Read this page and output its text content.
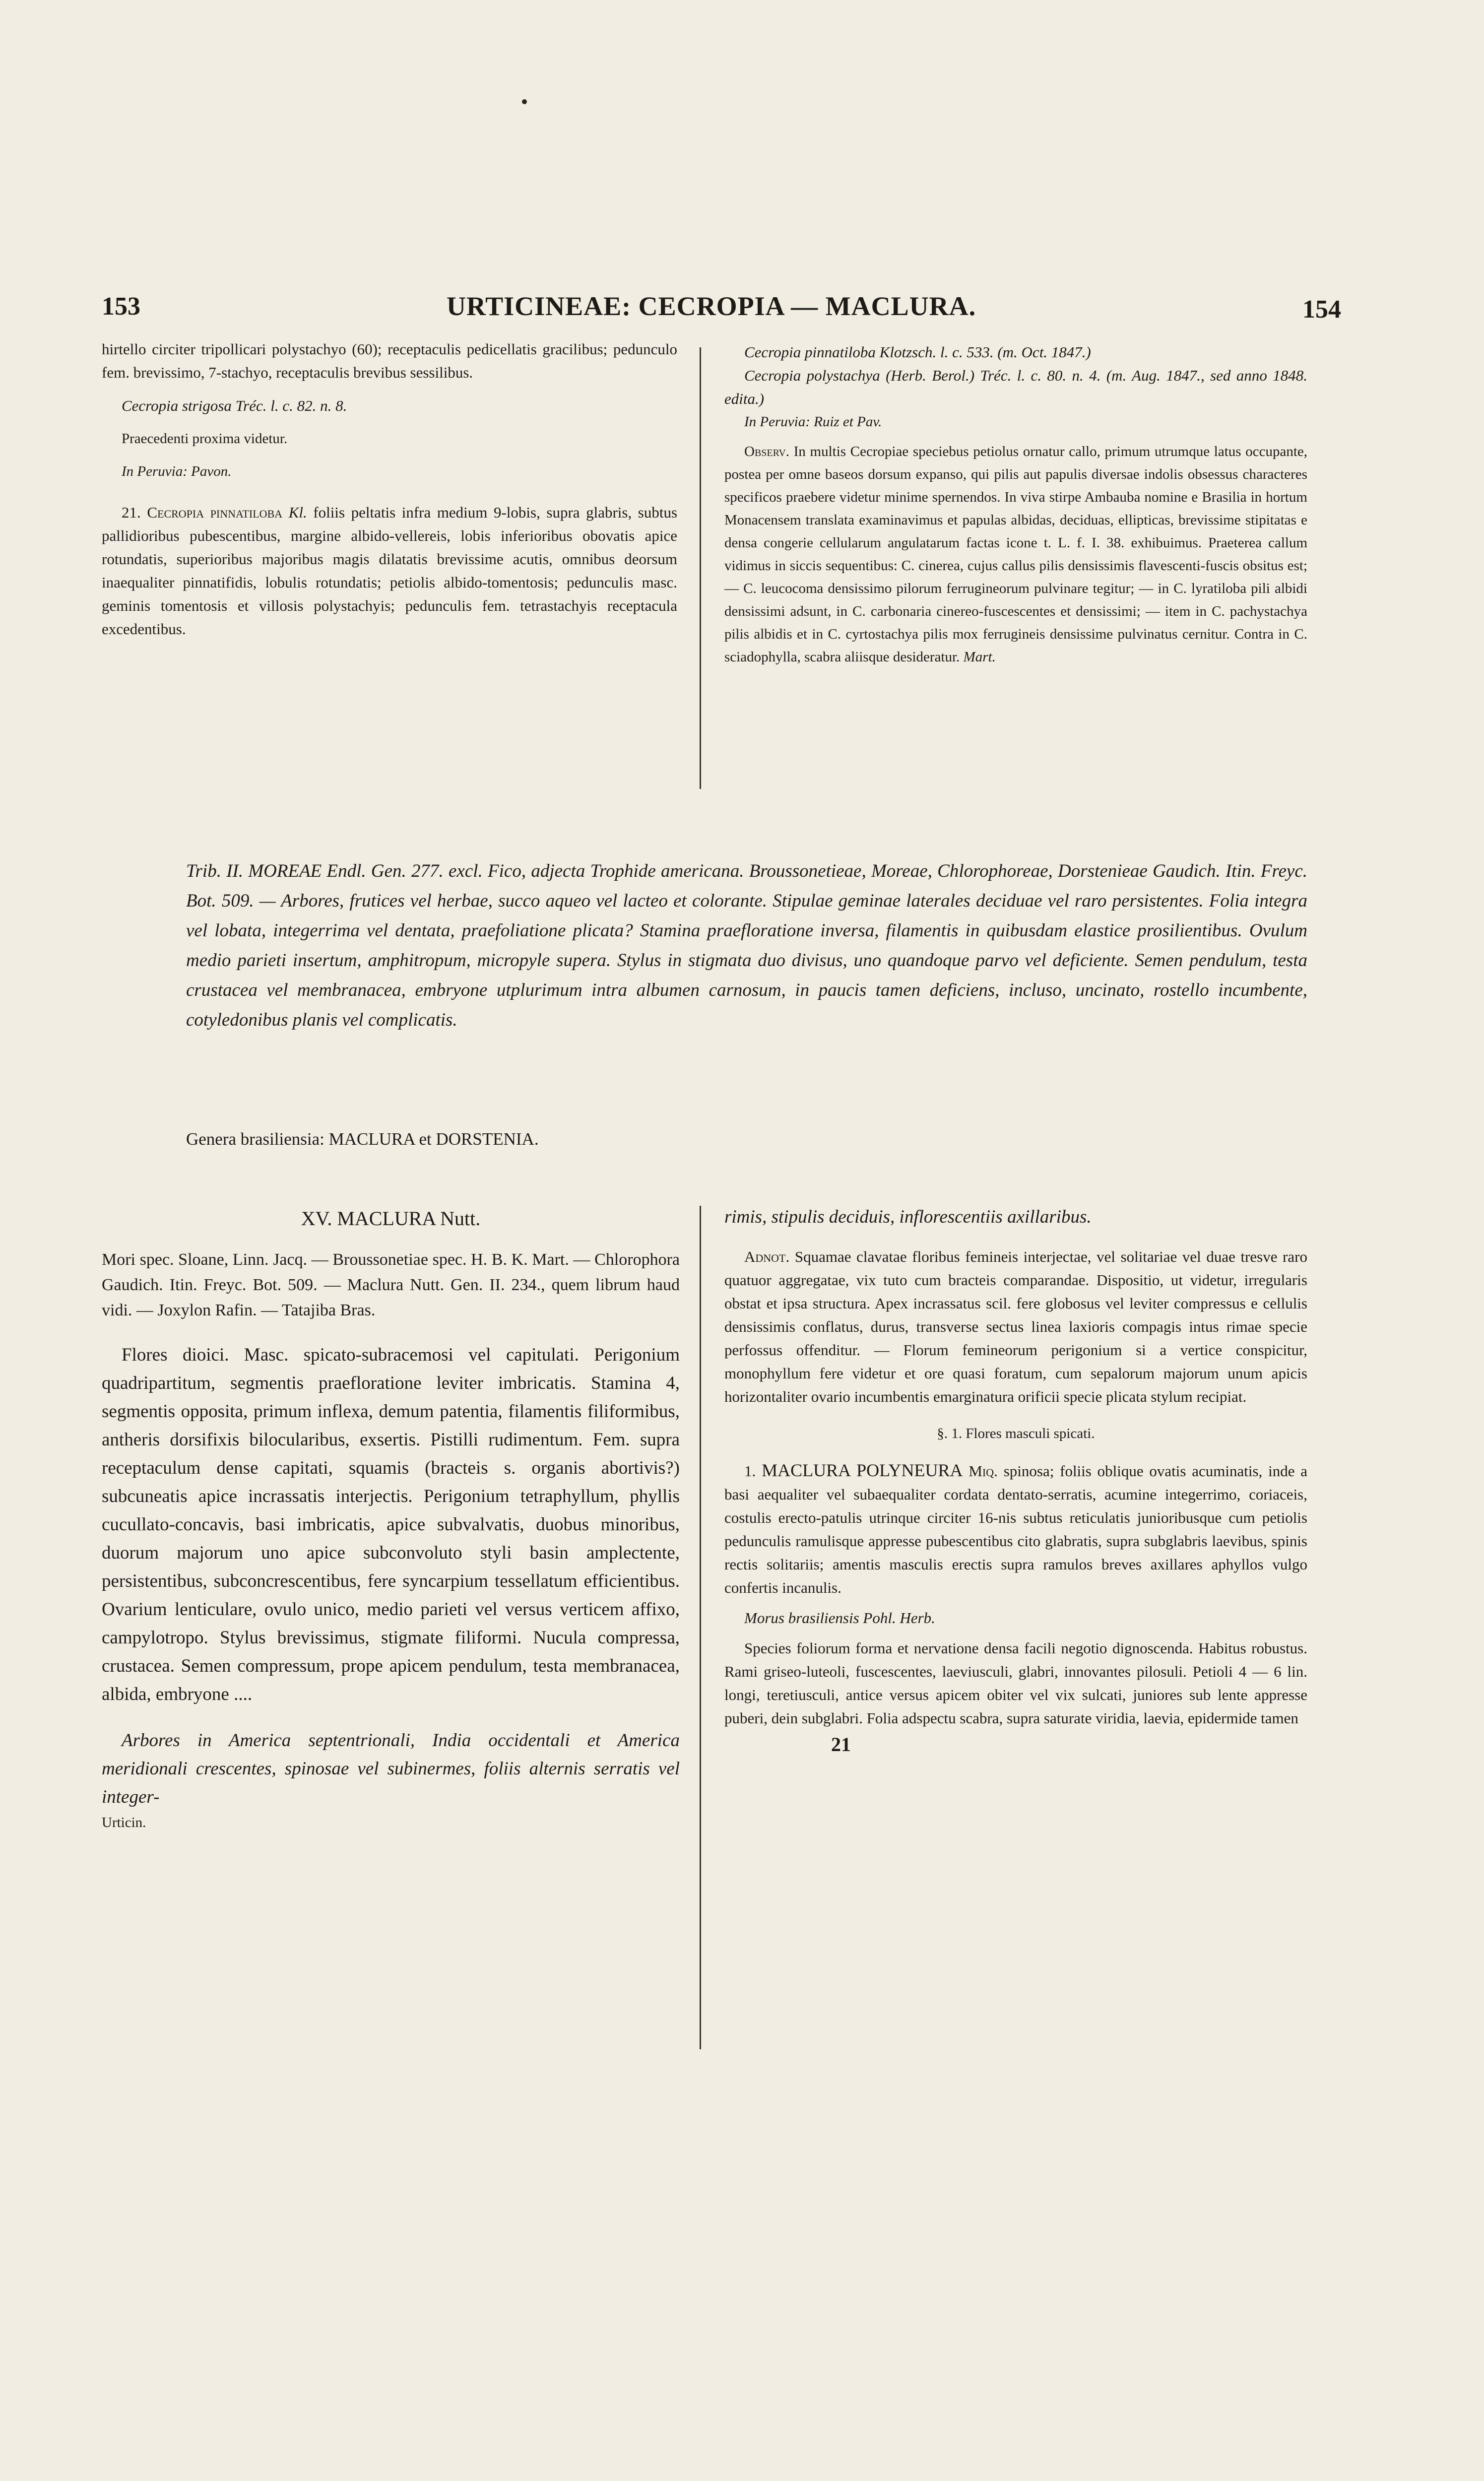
153	URTICINEAE: CECROPIA — MACLURA.	154

hirtello circiter tripollicari polystachyo (60); receptaculis pedicellatis gracilibus; pedunculo fem. brevissimo, 7-stachyo, receptaculis brevibus sessilibus.

Cecropia strigosa Tréc. l. c. 82. n. 8.

Praecedenti proxima videtur.

In Peruvia: Pavon.

21. Cecropia pinnatiloba Kl. foliis peltatis infra medium 9-lobis, supra glabris, subtus pallidioribus pubescentibus, margine albido-vellereis, lobis inferioribus obovatis apice rotundatis, superioribus majoribus magis dilatatis brevissime acutis, omnibus deorsum inaequaliter pinnatifidis, lobulis rotundatis; petiolis albido-tomentosis; pedunculis masc. geminis tomentosis et villosis polystachyis; pedunculis fem. tetrastachyis receptacula excedentibus.

Cecropia pinnatiloba Klotzsch. l. c. 533. (m. Oct. 1847.)

Cecropia polystachya (Herb. Berol.) Tréc. l. c. 80. n. 4. (m. Aug. 1847., sed anno 1848. edita.)

In Peruvia: Ruiz et Pav.

Observ. In multis Cecropiae speciebus petiolus ornatur callo, primum utrumque latus occupante, postea per omne baseos dorsum expanso, qui pilis aut papulis diversae indolis obsessus characteres specificos praebere videtur minime spernendos. In viva stirpe Ambauba nomine e Brasilia in hortum Monacensem translata examinavimus et papulas albidas, deciduas, ellipticas, brevissime stipitatas e densa congerie cellularum angulatarum factas icone t. L. f. I. 38. exhibuimus. Praeterea callum vidimus in siccis sequentibus: C. cinerea, cujus callus pilis densissimis flavescenti-fuscis obsitus est; — C. leucocoma densissimo pilorum ferrugineorum pulvinare tegitur; — in C. lyratiloba pili albidi densissimi adsunt, in C. carbonaria cinereo-fuscescentes et densissimi; — item in C. pachystachya pilis albidis et in C. cyrtostachya pilis mox ferrugineis densissime pulvinatus cernitur. Contra in C. sciadophylla, scabra aliisque desideratur. Mart.

Trib. II. MOREAE Endl. Gen. 277. excl. Fico, adjecta Trophide americana. Broussonetieae, Moreae, Chlorophoreae, Dorstenieae Gaudich. Itin. Freyc. Bot. 509. — Arbores, frutices vel herbae, succo aqueo vel lacteo et colorante. Stipulae geminae laterales deciduae vel raro persistentes. Folia integra vel lobata, integerrima vel dentata, praefoliatione plicata? Stamina praefloratione inversa, filamentis in quibusdam elastice prosilientibus. Ovulum medio parieti insertum, amphitropum, micropyle supera. Stylus in stigmata duo divisus, uno quandoque parvo vel deficiente. Semen pendulum, testa crustacea vel membranacea, embryone utplurimum intra albumen carnosum, in paucis tamen deficiens, incluso, uncinato, rostello incumbente, cotyledonibus planis vel complicatis.

Genera brasiliensia: MACLURA et DORSTENIA.

XV. MACLURA Nutt.

Mori spec. Sloane, Linn. Jacq. — Broussonetiae spec. H. B. K. Mart. — Chlorophora Gaudich. Itin. Freyc. Bot. 509. — Maclura Nutt. Gen. II. 234., quem librum haud vidi. — Joxylon Rafin. — Tatajiba Bras.

Flores dioici. Masc. spicato-subracemosi vel capitulati. Perigonium quadripartitum, segmentis praefloratione leviter imbricatis. Stamina 4, segmentis opposita, primum inflexa, demum patentia, filamentis filiformibus, antheris dorsifixis bilocularibus, exsertis. Pistilli rudimentum. Fem. supra receptaculum dense capitati, squamis (bracteis s. organis abortivis?) subcuneatis apice incrassatis interjectis. Perigonium tetraphyllum, phyllis cucullato-concavis, basi imbricatis, apice subvalvatis, duobus minoribus, duorum majorum uno apice subconvoluto styli basin amplectente, persistentibus, subconcrescentibus, fere syncarpium tessellatum efficientibus. Ovarium lenticulare, ovulo unico, medio parieti vel versus verticem affixo, campylotropo. Stylus brevissimus, stigmate filiformi. Nucula compressa, crustacea. Semen compressum, prope apicem pendulum, testa membranacea, albida, embryone ....

Arbores in America septentrionali, India occidentali et America meridionali crescentes, spinosae vel subinermes, foliis alternis serratis vel integer-

Urticin.

rimis, stipulis deciduis, inflorescentiis axillaribus.

Adnot. Squamae clavatae floribus femineis interjectae, vel solitariae vel duae tresve raro quatuor aggregatae, vix tuto cum bracteis comparandae. Dispositio, ut videtur, irregularis obstat et ipsa structura. Apex incrassatus scil. fere globosus vel leviter compressus e cellulis densissimis conflatus, durus, transverse sectus linea laxioris compagis intus rimae specie perfossus offenditur. — Florum femineorum perigonium si a vertice conspicitur, monophyllum fere videtur et ore quasi foratum, cum sepalorum majorum unum apicis horizontaliter ovario incumbentis emarginatura orificii specie plicata stylum recipiat.

§. 1. Flores masculi spicati.

1. MACLURA POLYNEURA Miq. spinosa; foliis oblique ovatis acuminatis, inde a basi aequaliter vel subaequaliter cordata dentato-serratis, acumine integerrimo, coriaceis, costulis erecto-patulis utrinque circiter 16-nis subtus reticulatis junioribusque cum petiolis pedunculis ramulisque appresse pubescentibus cito glabratis, supra subglabris laevibus, spinis rectis solitariis; amentis masculis erectis supra ramulos breves axillares aphyllos vulgo confertis incanulis.

Morus brasiliensis Pohl. Herb.

Species foliorum forma et nervatione densa facili negotio dignoscenda. Habitus robustus. Rami griseo-luteoli, fuscescentes, laeviusculi, glabri, innovantes pilosuli. Petioli 4 — 6 lin. longi, teretiusculi, antice versus apicem obiter vel vix sulcati, juniores sub lente appresse puberi, dein subglabri. Folia adspectu scabra, supra saturate viridia, laevia, epidermide tamen

21
